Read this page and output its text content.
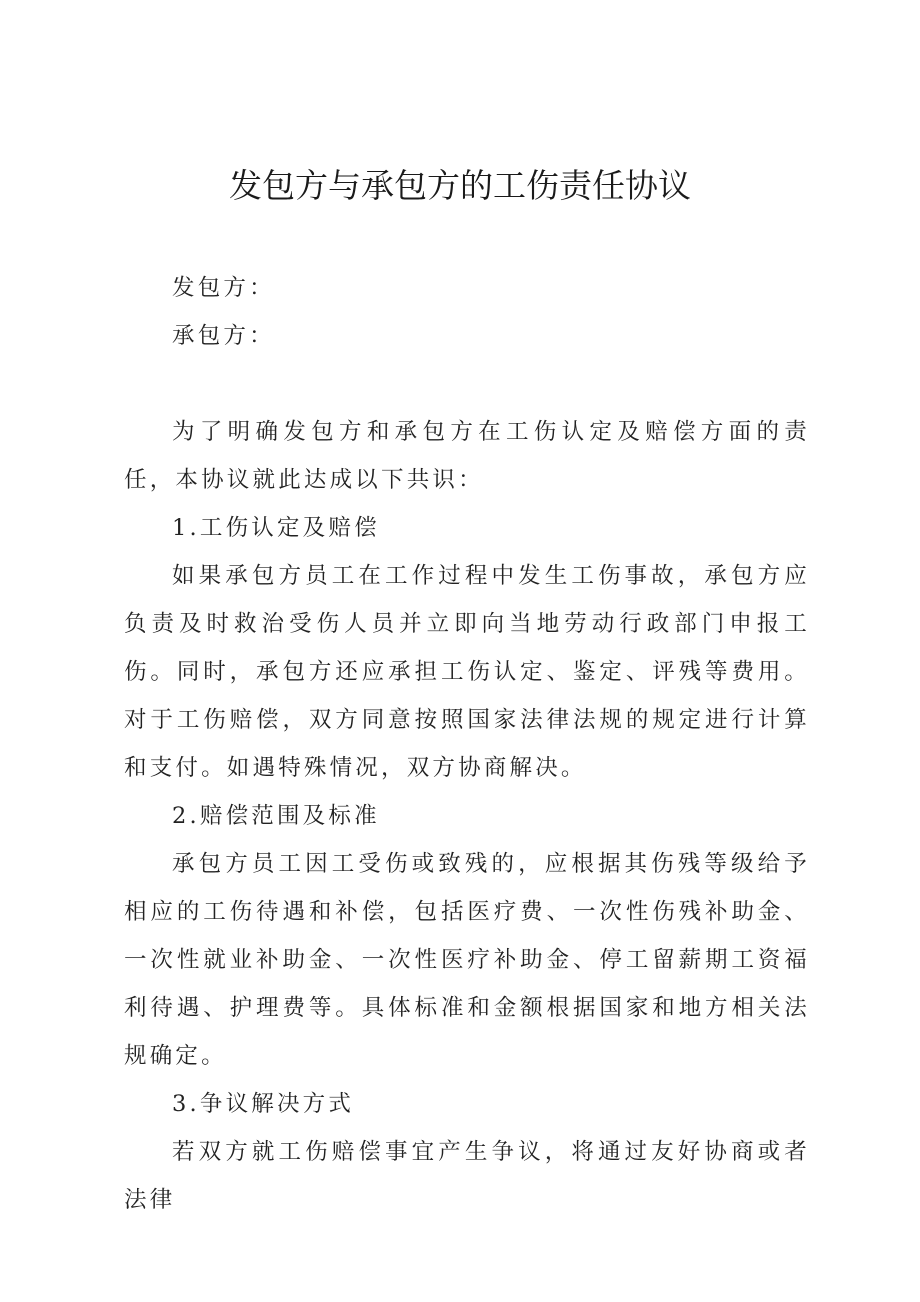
发包方与承包方的工伤责任协议

发包方：

承包方：

为了明确发包方和承包方在工伤认定及赔偿方面的责任，本协议就此达成以下共识：

1.工伤认定及赔偿

如果承包方员工在工作过程中发生工伤事故，承包方应负责及时救治受伤人员并立即向当地劳动行政部门申报工伤。同时，承包方还应承担工伤认定、鉴定、评残等费用。对于工伤赔偿，双方同意按照国家法律法规的规定进行计算和支付。如遇特殊情况，双方协商解决。

2.赔偿范围及标准

承包方员工因工受伤或致残的，应根据其伤残等级给予相应的工伤待遇和补偿，包括医疗费、一次性伤残补助金、一次性就业补助金、一次性医疗补助金、停工留薪期工资福利待遇、护理费等。具体标准和金额根据国家和地方相关法规确定。

3.争议解决方式

若双方就工伤赔偿事宜产生争议，将通过友好协商或者法律
